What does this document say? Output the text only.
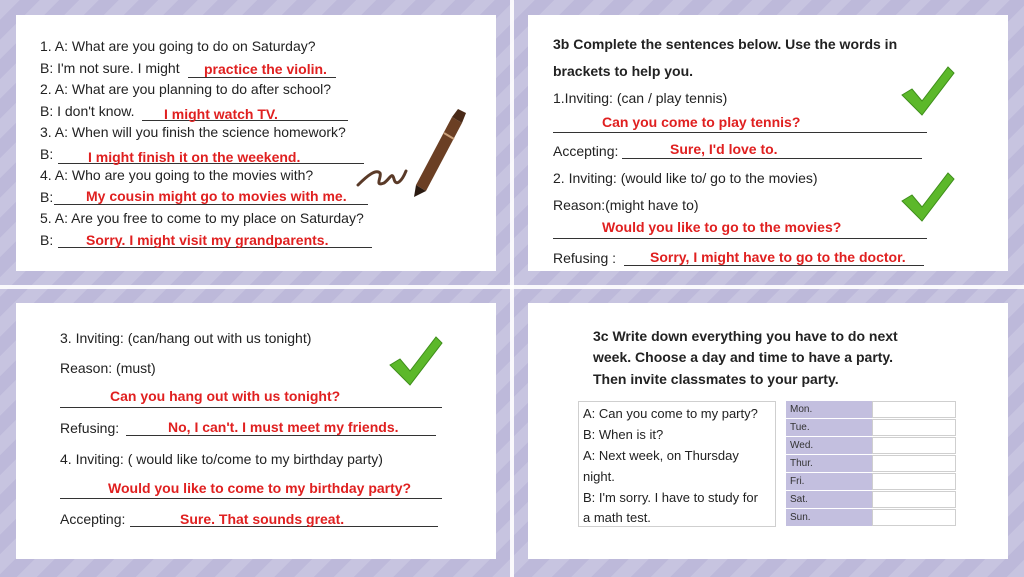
1. A: What are you going to do on Saturday?
B: I'm not sure. I might practice the violin.
2. A: What are you planning to do after school?
B: I don't know. I might watch TV.
3. A: When will you finish the science homework?
B: I might finish it on the weekend.
4. A: Who are you going to the movies with?
B: My cousin might go to movies with me.
5. A: Are you free to come to my place on Saturday?
B: Sorry. I might visit my grandparents.
3b Complete the sentences below. Use the words in
brackets to help you.
1.Inviting: (can / play tennis)
Can you come to play tennis?
Accepting:	Sure, I'd love to.
2. Inviting: (would like to/ go to the movies)
Reason:(might have to)
Would you like to go to the movies?
Refusing : Sorry, I might have to go to the doctor.
3. Inviting: (can/hang out with us tonight)
Reason: (must)
Can you hang out with us tonight?
Refusing:	No, I can't. I must meet my friends.
4. Inviting: ( would like to/come to my birthday party)
Would you like to come to my birthday party?
Accepting:	Sure. That sounds great.
3c Write down everything you have to do next
week. Choose a day and time to have a party.
Then invite classmates to your party.
A: Can you come to my party?
B: When is it?
A: Next week, on Thursday
night.
B: I'm sorry. I have to study for
a math test.
Mon.
Tue.
Wed.
Thur.
Fri.
Sat.
Sun.
